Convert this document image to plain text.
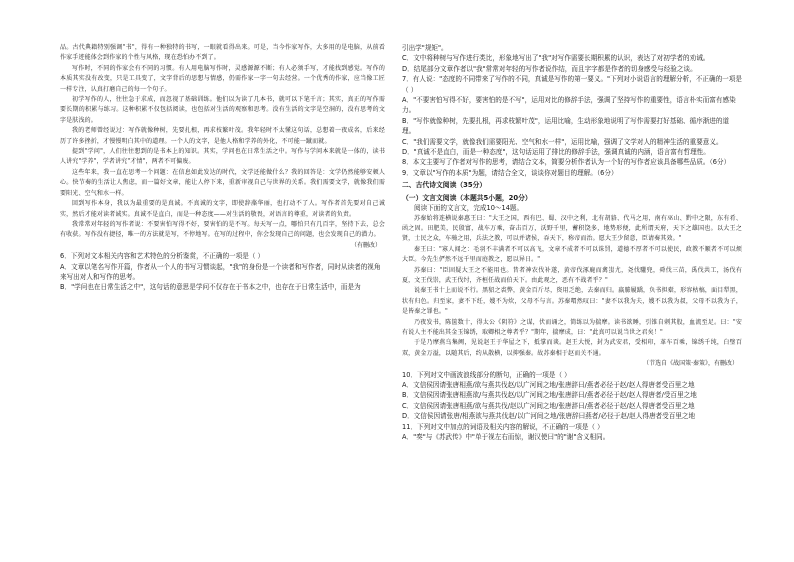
品。古代典籍特别强调"书"，得有一种独特的书写，一眼就看得出来。可是，当今作家写作，大多用的是电脑，从前看作家手迹能体会到作家的个性与风格，现在恐怕办不到了。

写作时，不同的作家会有不同的习惯。有人用电脑写作时，灵感源源不断；有人必须手写，才能找到感觉。写作的本质其实没有改变，只是工具变了，文字背后的思想与情感，仍需作家一字一句去经营。一个优秀的作家，应当像工匠一样专注，认真打磨自己的每一个句子。

初学写作的人，往往急于求成，而忽视了基础训练。他们以为读了几本书，就可以下笔千言；其实，真正的写作需要长期的积累与练习。这种积累不仅包括阅读，也包括对生活的观察和思考。没有生活的文字是空洞的，没有思考的文字是肤浅的。

我的老师曾经说过：写作就像种树，先要扎根，再求枝繁叶茂。我年轻时不太懂这句话，总想着一夜成名，后来经历了许多挫折，才慢慢明白其中的道理。一个人的文字，是他人格和学养的外化，不可能一蹴而就。

提到"学问"，人们往往想到的是书本上的知识。其实，学问也在日常生活之中。写作与学问本来就是一体的，读书人讲究"学养"，学者讲究"才情"，两者不可偏废。

这些年来，我一直在思考一个问题：在信息如此发达的时代，文学还能做什么？我的回答是：文学仍然能够安顿人心。快节奏的生活让人焦虑，而一篇好文章，能让人停下来，重新审视自己与世界的关系。我们需要文学，就像我们需要阳光、空气和水一样。

回到写作本身，我以为最重要的是真诚。不真诚的文字，即使辞藻华丽，也打动不了人。写作者首先要对自己诚实，然后才能对读者诚实。真诚不是直白，而是一种态度——对生活的敬畏，对语言的尊重，对读者的负责。

我常常对年轻的写作者说：不要害怕写得不好，要害怕的是不写。每天写一点，哪怕只有几百字，坚持下去，总会有收获。写作没有捷径，唯一的方法就是写，不停地写。在写的过程中，你会发现自己的问题，也会发现自己的潜力。

（有删改）

6．下列对文本相关内容和艺术特色的分析鉴赏，不正确的一项是（ ）

A．文章以笔名写作开篇，作者从一个人的书写习惯谈起，"我"的身份是一个读者和写作者，同时从读者的视角来写出对人和写作的思考。

B．"学问也在日常生活之中"，这句话的意思是学问不仅存在于书本之中，也存在于日常生活中，而是为

引出学"规矩"。

C．文中将种树与写作进行类比，形象地写出了"我"对写作需要长期积累的认识，表达了对初学者的劝诫。

D．结尾部分文章作者以"我"常常对年轻的写作者说作结，而且字字都是作者的切身感受与经验之谈。

7．有人说："态度的不同带来了写作的不同，真诚是写作的第一要义。"下列对小说语言的理解分析，不正确的一项是（ ）

A．"不要害怕写得不好，要害怕的是不写"，运用对比的修辞手法，强调了坚持写作的重要性，语言朴实而富有感染力。

B．"写作就像种树，先要扎根，再求枝繁叶茂"，运用比喻，生动形象地说明了写作需要打好基础、循序渐进的道理。

C．"我们需要文学，就像我们需要阳光、空气和水一样"，运用比喻，强调了文学对人的精神生活的重要意义。

D．"真诚不是直白，而是一种态度"，这句话运用了排比的修辞手法，强调真诚的内涵，语言富有哲理性。

8．本文主要写了作者对写作的思考，请结合文本，简要分析作者认为一个好的写作者应该具备哪些品质。（6分）

9．文章以"写作的本质"为题，请结合全文，谈谈你对题目的理解。（6分）

二、古代诗文阅读（35分）

（一）文言文阅读（本题共5小题，20分）

阅读下面的文言文，完成10～14题。

苏秦始将连横说秦惠王曰："大王之国，西有巴、蜀、汉中之利，北有胡貉、代马之用，南有巫山、黔中之限，东有肴、函之固。田肥美，民殷富，战车万乘，奋击百万，沃野千里，蓄积饶多，地势形便，此所谓天府，天下之雄国也。以大王之贤，士民之众，车骑之用，兵法之教，可以并诸侯，吞天下，称帝而治。愿大王少留意，臣请奏其效。"

秦王曰："寡人闻之：毛羽不丰满者不可以高飞，文章不成者不可以诛罚，道德不厚者不可以使民，政教不顺者不可以烦大臣。今先生俨然不远千里而庭教之，愿以异日。"

苏秦曰："臣固疑大王之不能用也。昔者神农伐补遂，黄帝伐涿鹿而禽蚩尤，尧伐驩兜，舜伐三苗，禹伐共工，汤伐有夏，文王伐崇，武王伐纣，齐桓任战而伯天下。由此观之，恶有不战者乎？"

说秦王书十上而说不行。黑貂之裘弊，黄金百斤尽，资用乏绝，去秦而归。羸縢履蹻，负书担橐，形容枯槁，面目犁黑，状有归色。归至家，妻不下纴，嫂不为炊，父母不与言。苏秦喟然叹曰："妻不以我为夫，嫂不以我为叔，父母不以我为子，是皆秦之罪也。"

乃夜发书，陈箧数十，得太公《阴符》之谋，伏而诵之，简练以为揣摩。读书欲睡，引锥自刺其股，血流至足。曰："安有说人主不能出其金玉锦绣，取卿相之尊者乎？"期年，揣摩成，曰："此真可以说当世之君矣！"

于是乃摩燕乌集阙，见说赵王于华屋之下，抵掌而谈。赵王大悦，封为武安君，受相印，革车百乘，锦绣千纯，白璧百双，黄金万溢，以随其后，约从散横，以抑强秦。故苏秦相于赵而关不通。

（节选自《战国策·秦策》，有删改）

10．下列对文中画波浪线部分的断句，正确的一项是（ ）

A．文信侯因请张唐相燕/欲与燕共伐赵/以广河间之地/张唐辞曰/燕者必径于赵/赵人得唐者受百里之地

B．文信侯因请张唐相燕欲/与燕共伐赵/以广河间之地/张唐辞曰/燕者必径于赵/赵人得唐者/受百里之地

C．文信侯因请张唐相燕/欲与燕共伐/赵以广河间之地/张唐辞曰/燕者必径于赵/赵人得唐者受百里之地

D．文信侯因请张唐/相燕欲与燕共伐赵/以广河间之地/张唐辞曰燕者/必径于赵/赵人得唐者受百里之地

11．下列对文中加点的词语及相关内容的解说，不正确的一项是（ ）

A．"奏"与《苏武传》中"单于视左右而惊，谢汉使曰"的"谢"含义相同。
